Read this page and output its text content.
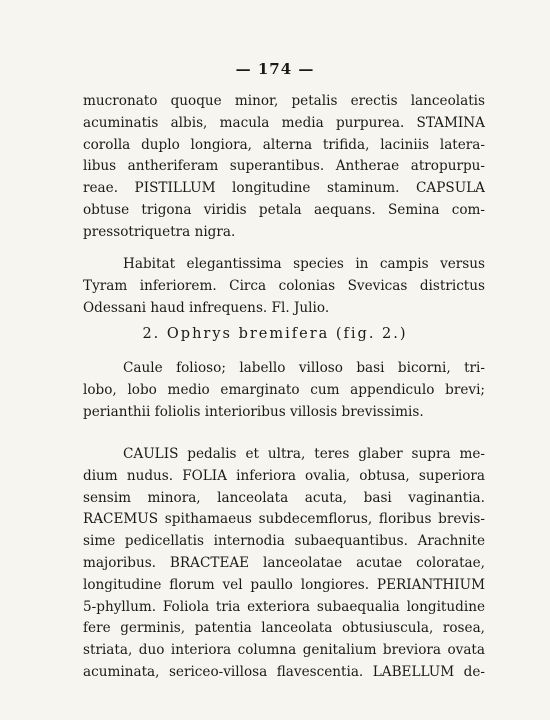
— 174 —
mucronato quoque minor, petalis erectis lanceolatis
acuminatis albis, macula media purpurea. STAMINA
corolla duplo longiora, alterna trifida, laciniis latera-
libus antheriferam superantibus. Antherae atropurpu-
reae. PISTILLUM longitudine staminum. CAPSULA
obtuse trigona viridis petala aequans. Semina com-
pressotriquetra nigra.
Habitat elegantissima species in campis versus
Tyram inferiorem. Circa colonias Svevicas districtus
Odessani haud infrequens. Fl. Julio.
2. Ophrys bremifera (fig. 2.)
Caule folioso; labello villoso basi bicorni, tri-
lobo, lobo medio emarginato cum appendiculo brevi;
perianthii foliolis interioribus villosis brevissimis.
CAULIS pedalis et ultra, teres glaber supra me-
dium nudus. FOLIA inferiora ovalia, obtusa, superiora
sensim minora, lanceolata acuta, basi vaginantia.
RACEMUS spithamaeus subdecemflorus, floribus brevis-
sime pedicellatis internodia subaequantibus. Arachnite
majoribus. BRACTEAE lanceolatae acutae coloratae,
longitudine florum vel paullo longiores. PERIANTHIUM
5-phyllum. Foliola tria exteriora subaequalia longitudine
fere germinis, patentia lanceolata obtusiuscula, rosea,
striata, duo interiora columna genitalium breviora ovata
acuminata, sericeo-villosa flavescentia. LABELLUM de-
